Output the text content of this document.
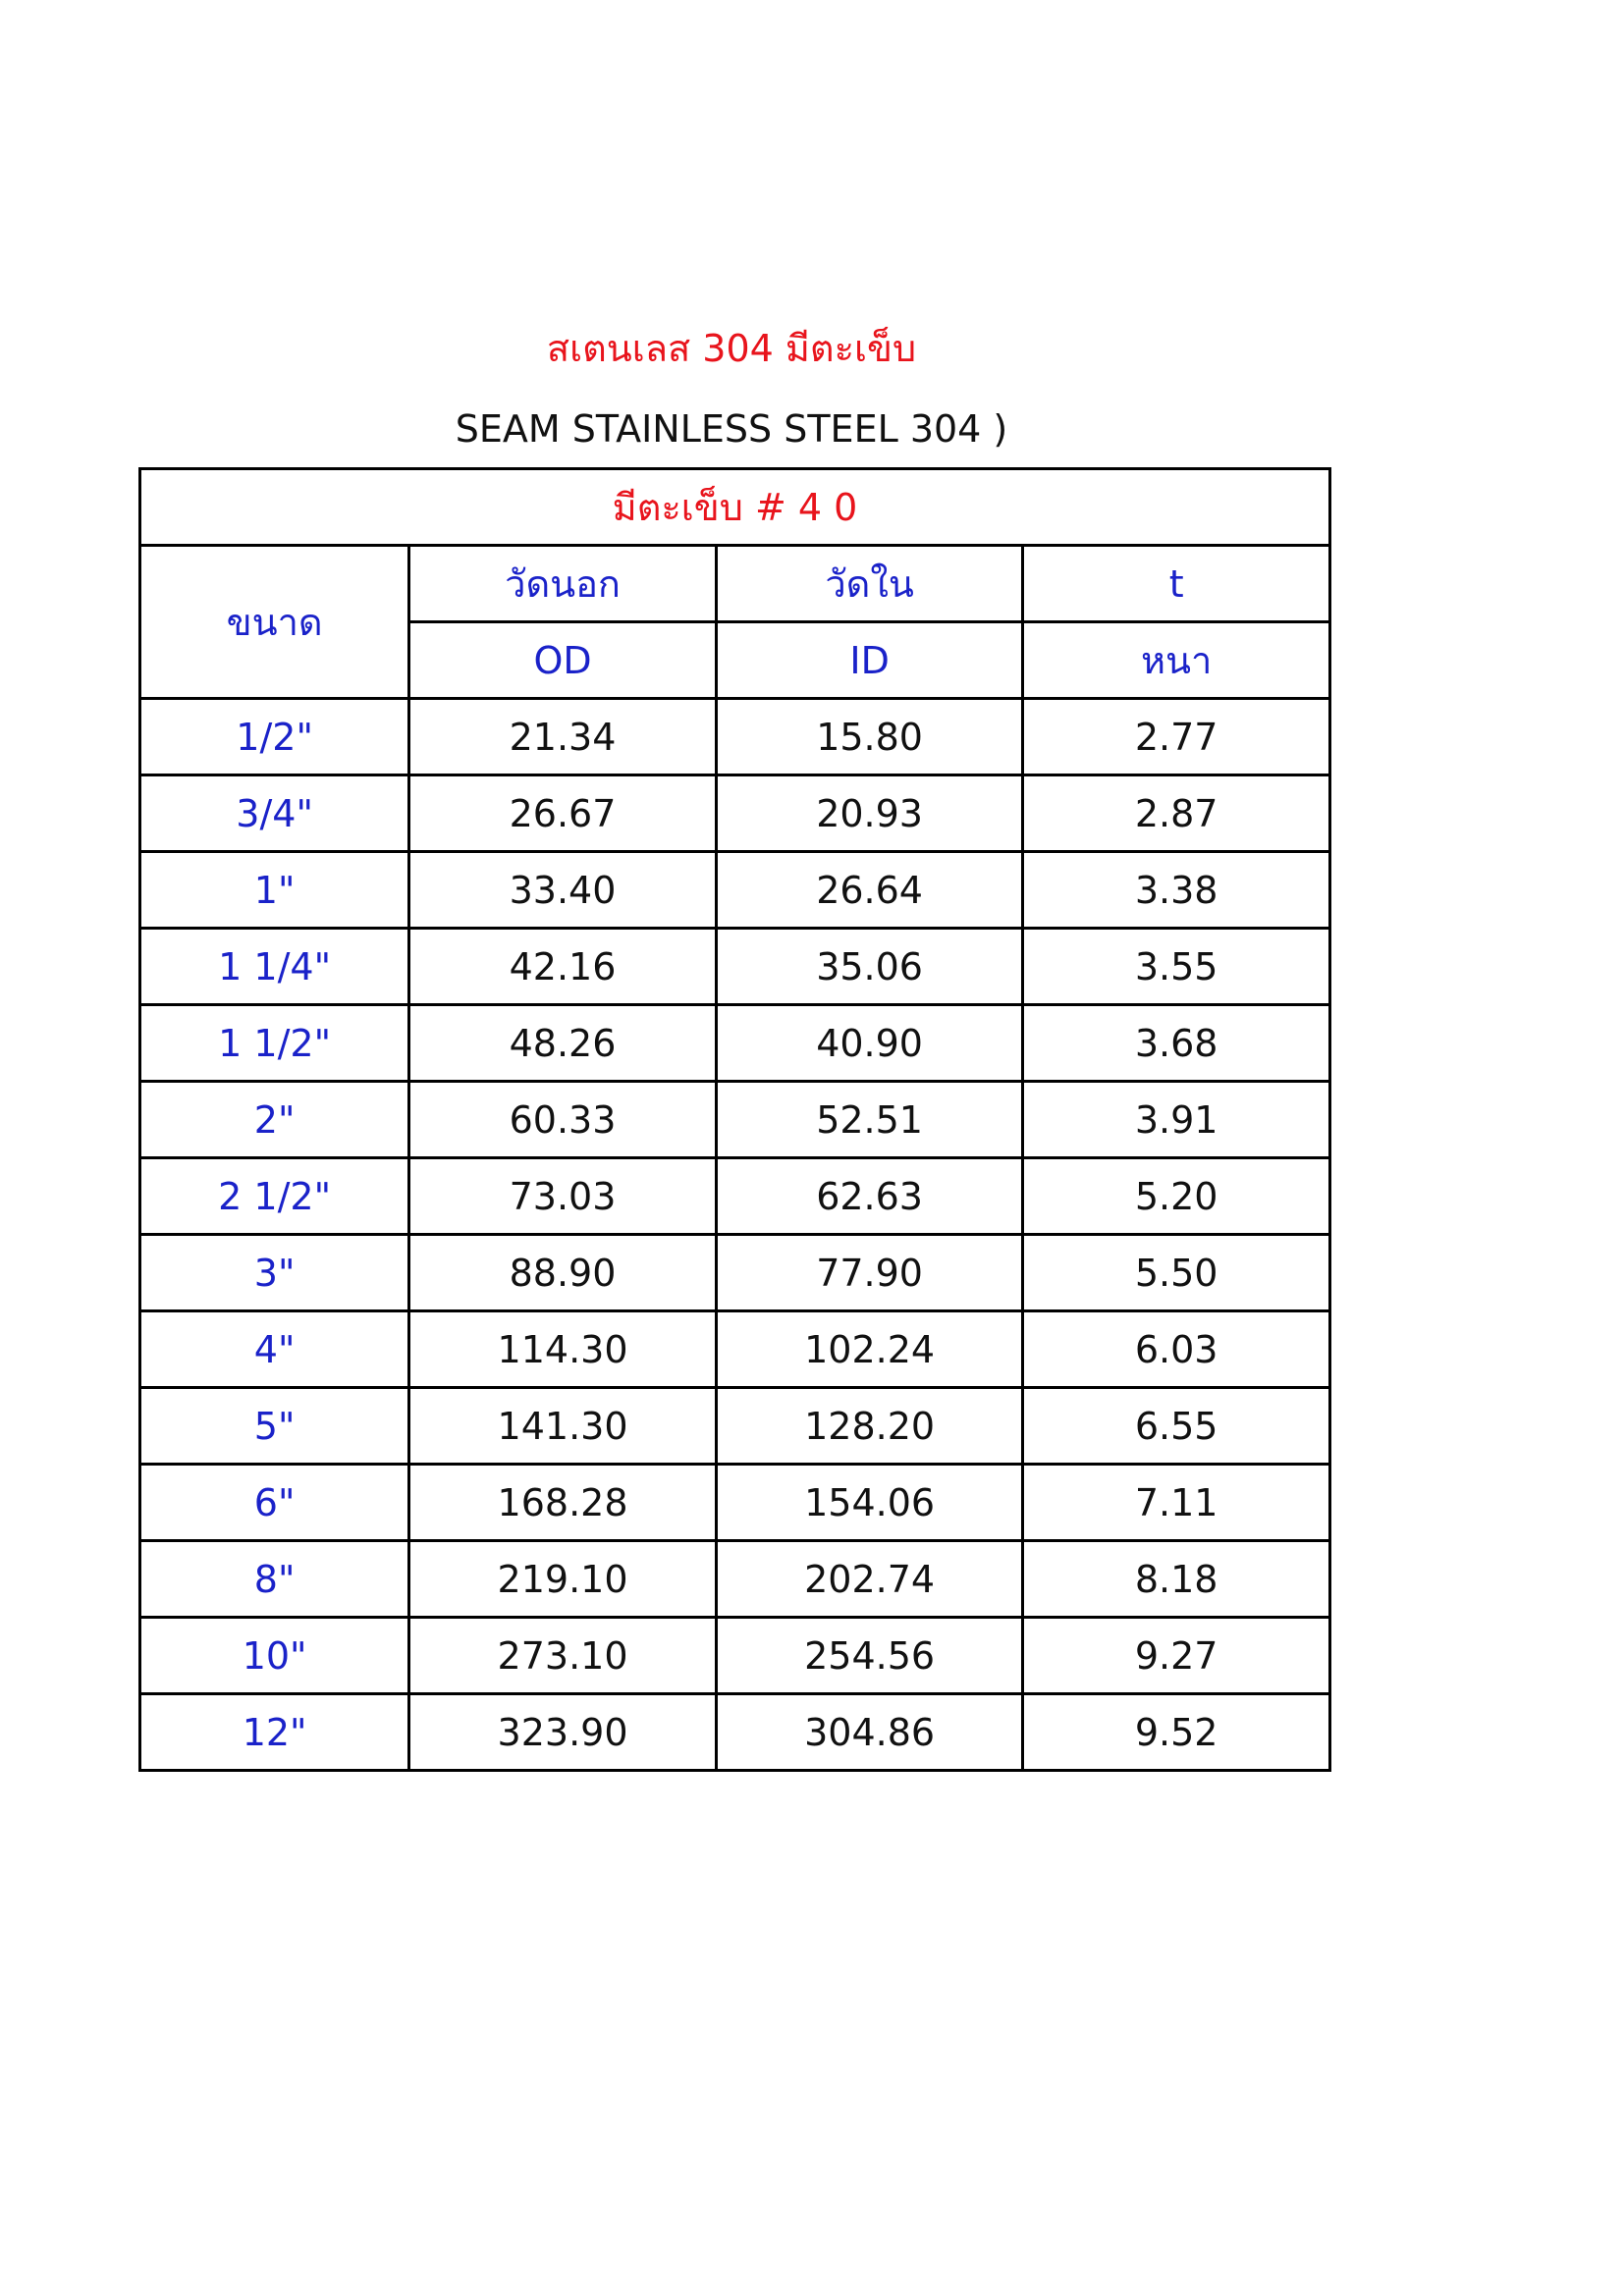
สเตนเลส 304 มีตะเข็บ
SEAM STAINLESS STEEL 304 )
มีตะเข็บ # 4 0			
ขนาด	วัดนอก	วัดใน	t
	OD	ID	หนา
1/2"	21.34	15.80	2.77
3/4"	26.67	20.93	2.87
1"	33.40	26.64	3.38
1 1/4"	42.16	35.06	3.55
1 1/2"	48.26	40.90	3.68
2"	60.33	52.51	3.91
2 1/2"	73.03	62.63	5.20
3"	88.90	77.90	5.50
4"	114.30	102.24	6.03
5"	141.30	128.20	6.55
6"	168.28	154.06	7.11
8"	219.10	202.74	8.18
10"	273.10	254.56	9.27
12"	323.90	304.86	9.52
